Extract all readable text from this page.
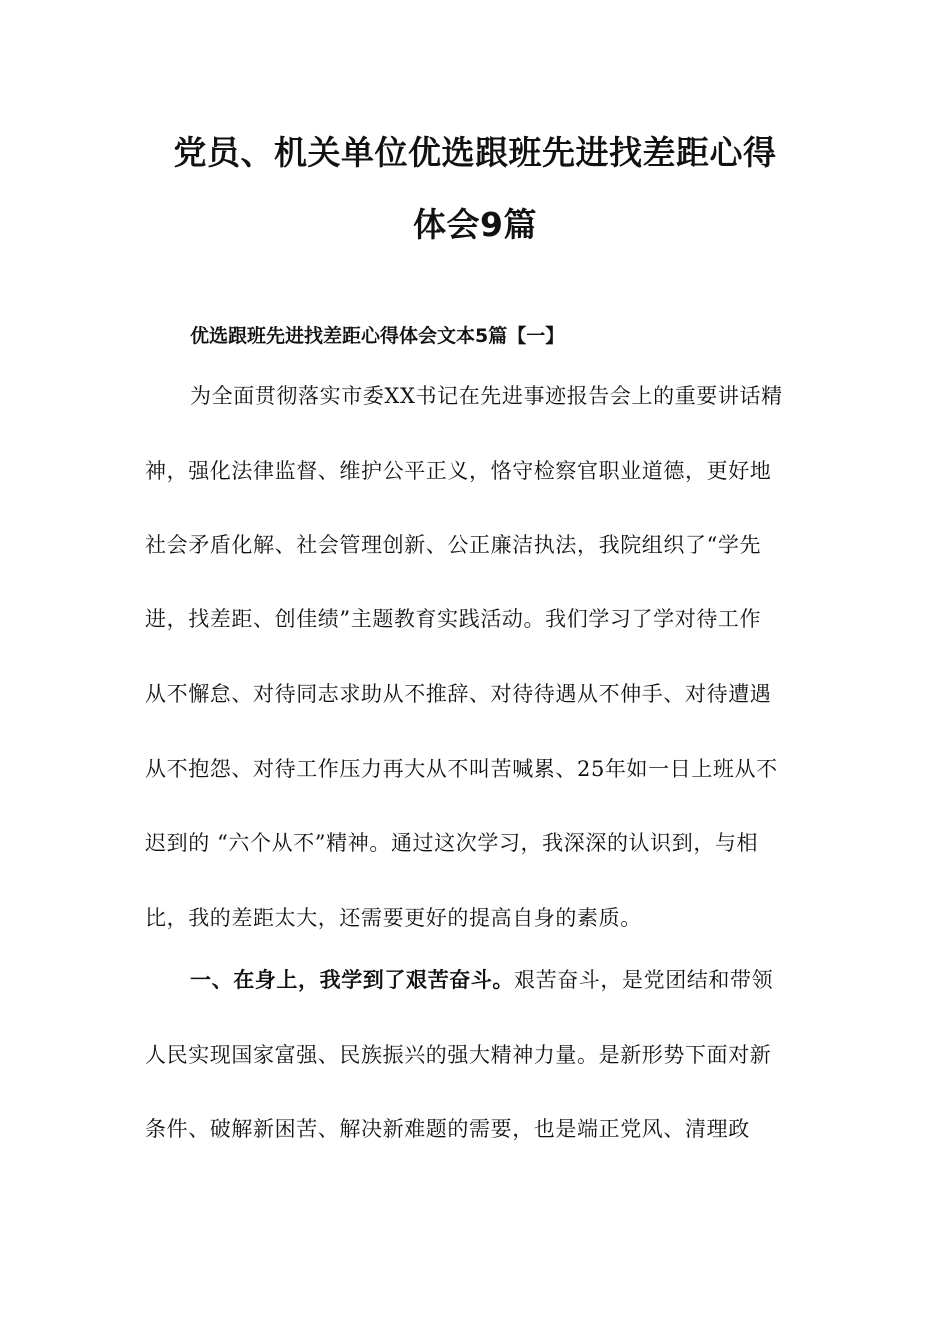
党员、机关单位优选跟班先进找差距心得
体会9篇
优选跟班先进找差距心得体会文本5篇【一】
为全面贯彻落实市委XX书记在先进事迹报告会上的重要讲话精
神，强化法律监督、维护公平正义，恪守检察官职业道德，更好地
社会矛盾化解、社会管理创新、公正廉洁执法，我院组织了“学先
进，找差距、创佳绩”主题教育实践活动。我们学习了学对待工作
从不懈怠、对待同志求助从不推辞、对待待遇从不伸手、对待遭遇
从不抱怨、对待工作压力再大从不叫苦喊累、25年如一日上班从不
迟到的 “六个从不”精神。通过这次学习，我深深的认识到，与相
比，我的差距太大，还需要更好的提高自身的素质。
一、在身上，我学到了艰苦奋斗。艰苦奋斗，是党团结和带领
人民实现国家富强、民族振兴的强大精神力量。是新形势下面对新
条件、破解新困苦、解决新难题的需要，也是端正党风、清理政
